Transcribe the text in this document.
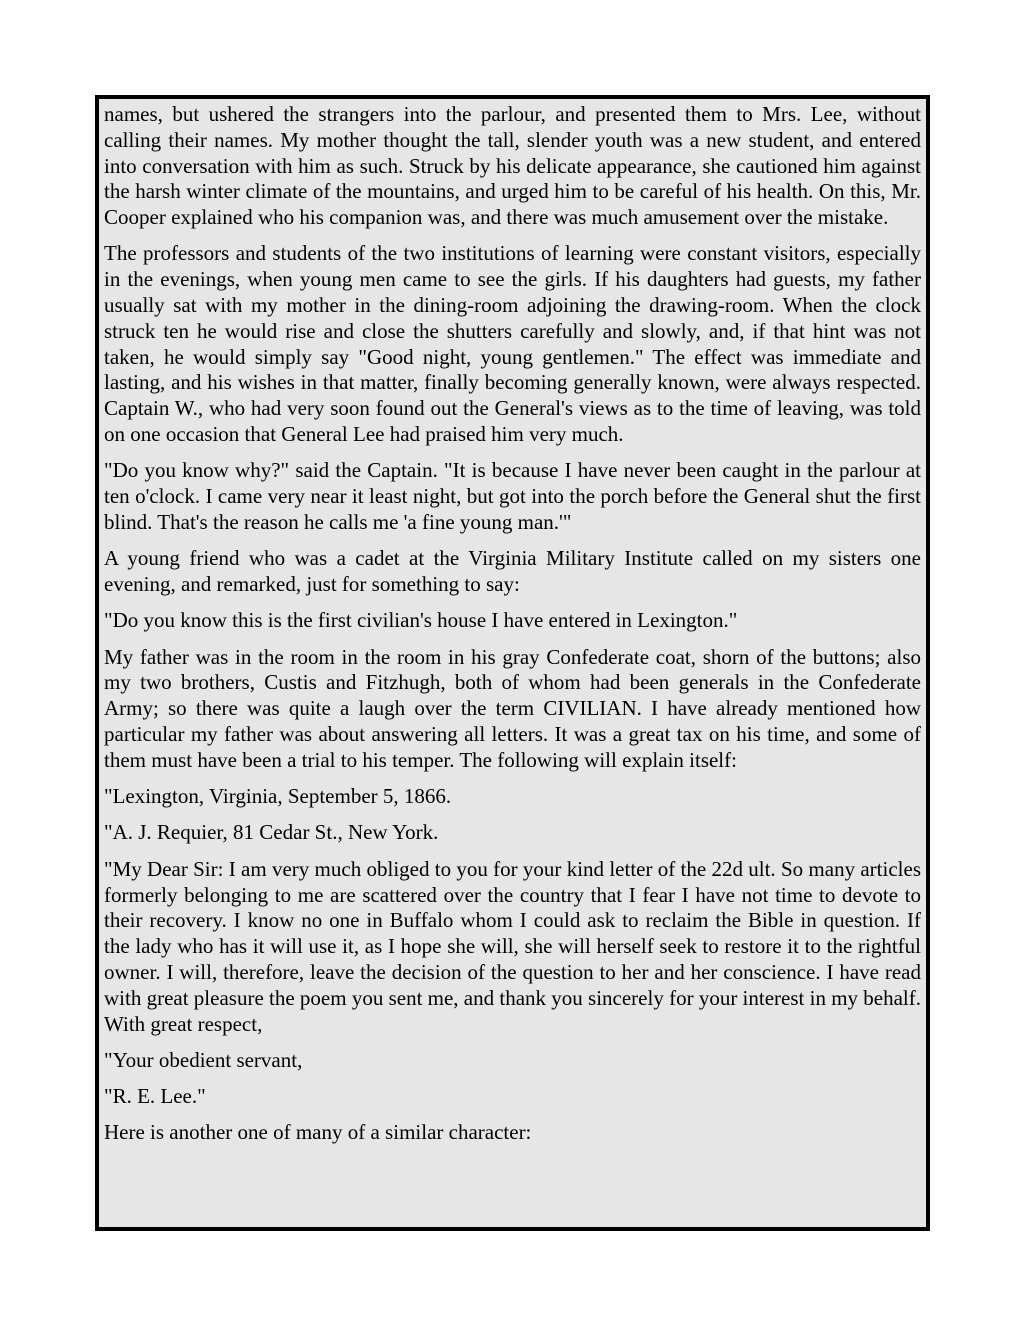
names, but ushered the strangers into the parlour, and presented them to Mrs. Lee, without calling their names. My mother thought the tall, slender youth was a new student, and entered into conversation with him as such. Struck by his delicate appearance, she cautioned him against the harsh winter climate of the mountains, and urged him to be careful of his health. On this, Mr. Cooper explained who his companion was, and there was much amusement over the mistake.

The professors and students of the two institutions of learning were constant visitors, especially in the evenings, when young men came to see the girls. If his daughters had guests, my father usually sat with my mother in the dining-room adjoining the drawing-room. When the clock struck ten he would rise and close the shutters carefully and slowly, and, if that hint was not taken, he would simply say "Good night, young gentlemen." The effect was immediate and lasting, and his wishes in that matter, finally becoming generally known, were always respected. Captain W., who had very soon found out the General's views as to the time of leaving, was told on one occasion that General Lee had praised him very much.

"Do you know why?" said the Captain. "It is because I have never been caught in the parlour at ten o'clock. I came very near it least night, but got into the porch before the General shut the first blind. That's the reason he calls me 'a fine young man.'"

A young friend who was a cadet at the Virginia Military Institute called on my sisters one evening, and remarked, just for something to say:

"Do you know this is the first civilian's house I have entered in Lexington."

My father was in the room in the room in his gray Confederate coat, shorn of the buttons; also my two brothers, Custis and Fitzhugh, both of whom had been generals in the Confederate Army; so there was quite a laugh over the term CIVILIAN. I have already mentioned how particular my father was about answering all letters. It was a great tax on his time, and some of them must have been a trial to his temper. The following will explain itself:

"Lexington, Virginia, September 5, 1866.

"A. J. Requier, 81 Cedar St., New York.

"My Dear Sir: I am very much obliged to you for your kind letter of the 22d ult. So many articles formerly belonging to me are scattered over the country that I fear I have not time to devote to their recovery. I know no one in Buffalo whom I could ask to reclaim the Bible in question. If the lady who has it will use it, as I hope she will, she will herself seek to restore it to the rightful owner. I will, therefore, leave the decision of the question to her and her conscience. I have read with great pleasure the poem you sent me, and thank you sincerely for your interest in my behalf. With great respect,

"Your obedient servant,

"R. E. Lee."

Here is another one of many of a similar character:
